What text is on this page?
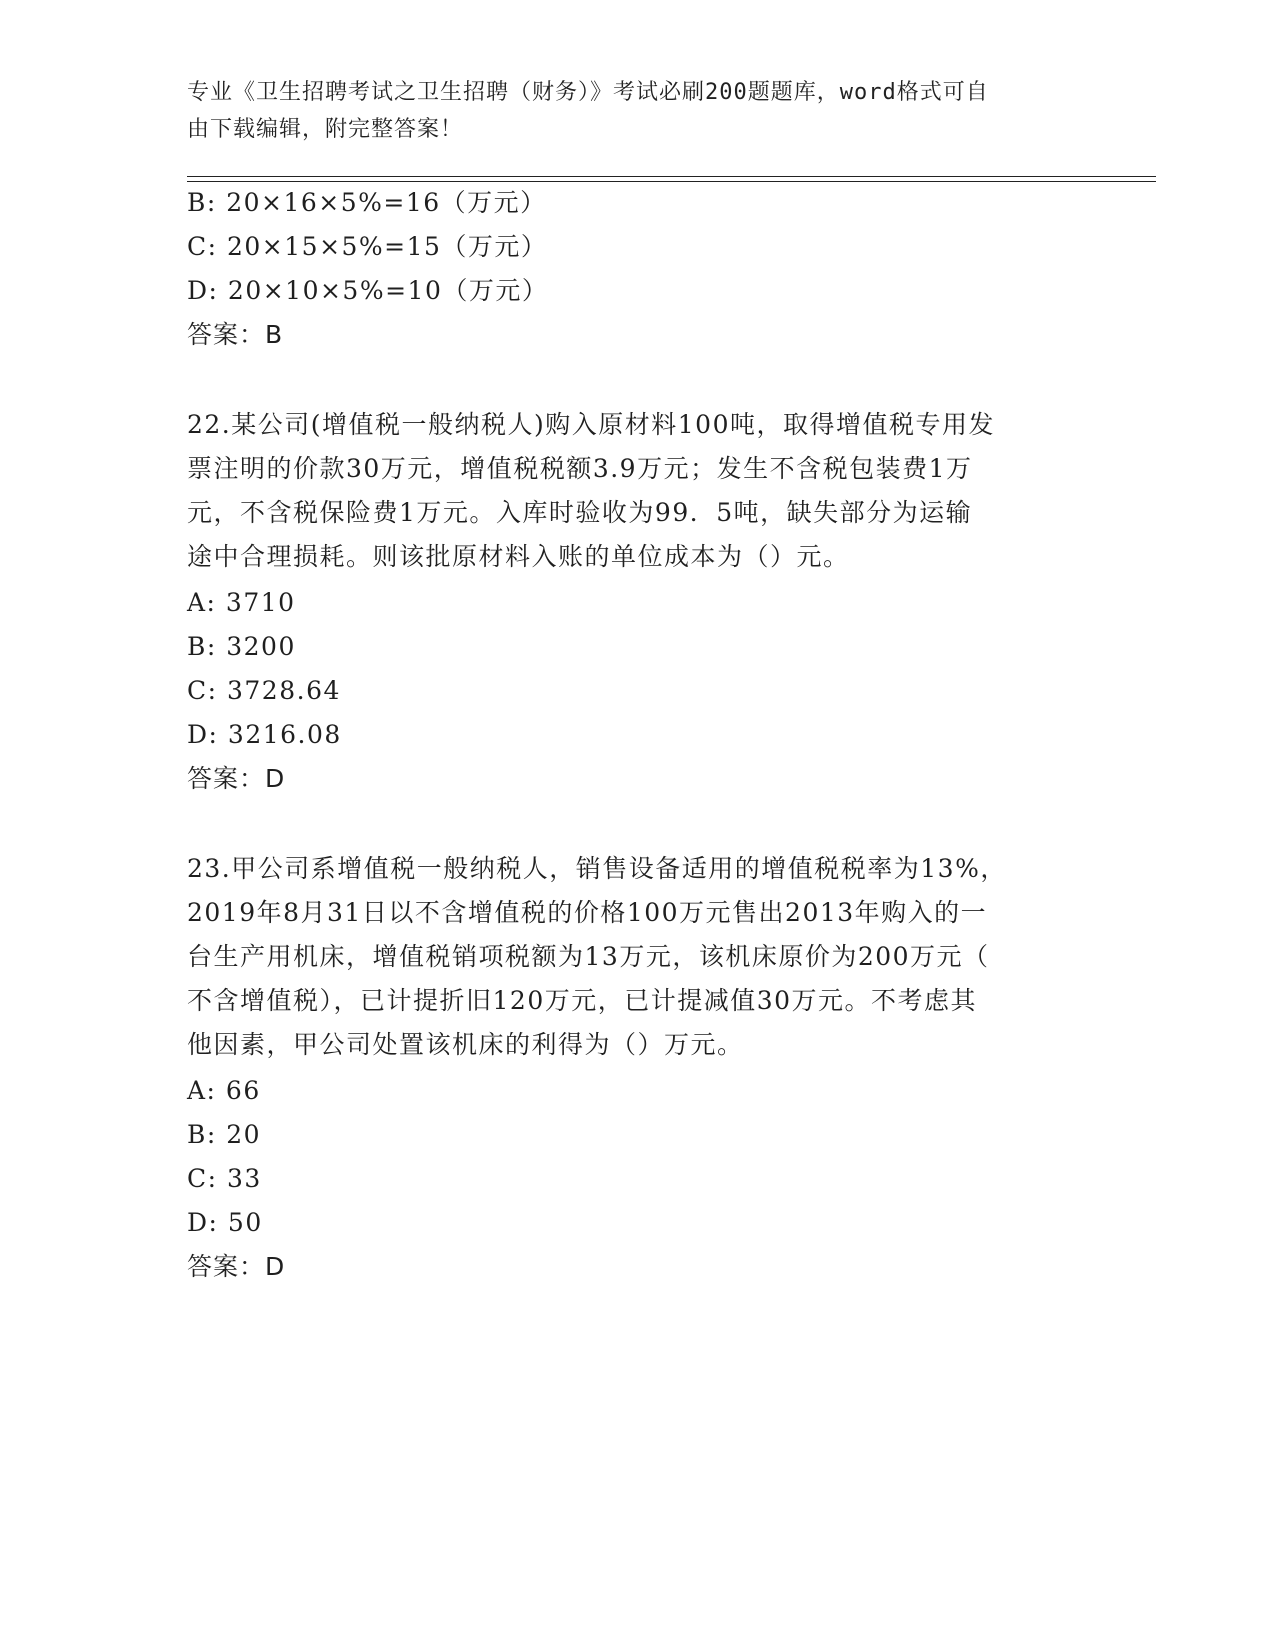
专业《卫生招聘考试之卫生招聘（财务）》考试必刷200题题库，word格式可自
由下载编辑，附完整答案！
B: 20×16×5%=16（万元）
C: 20×15×5%=15（万元）
D: 20×10×5%=10（万元）
答案：B
22.某公司(增值税一般纳税人)购入原材料100吨，取得增值税专用发
票注明的价款30万元，增值税税额3.9万元；发生不含税包装费1万
元，不含税保险费1万元。入库时验收为99．5吨，缺失部分为运输
途中合理损耗。则该批原材料入账的单位成本为（）元。
A: 3710
B: 3200
C: 3728.64
D: 3216.08
答案：D
23.甲公司系增值税一般纳税人，销售设备适用的增值税税率为13%，
2019年8月31日以不含增值税的价格100万元售出2013年购入的一
台生产用机床，增值税销项税额为13万元，该机床原价为200万元（
不含增值税），已计提折旧120万元，已计提减值30万元。不考虑其
他因素，甲公司处置该机床的利得为（）万元。
A: 66
B: 20
C: 33
D: 50
答案：D
